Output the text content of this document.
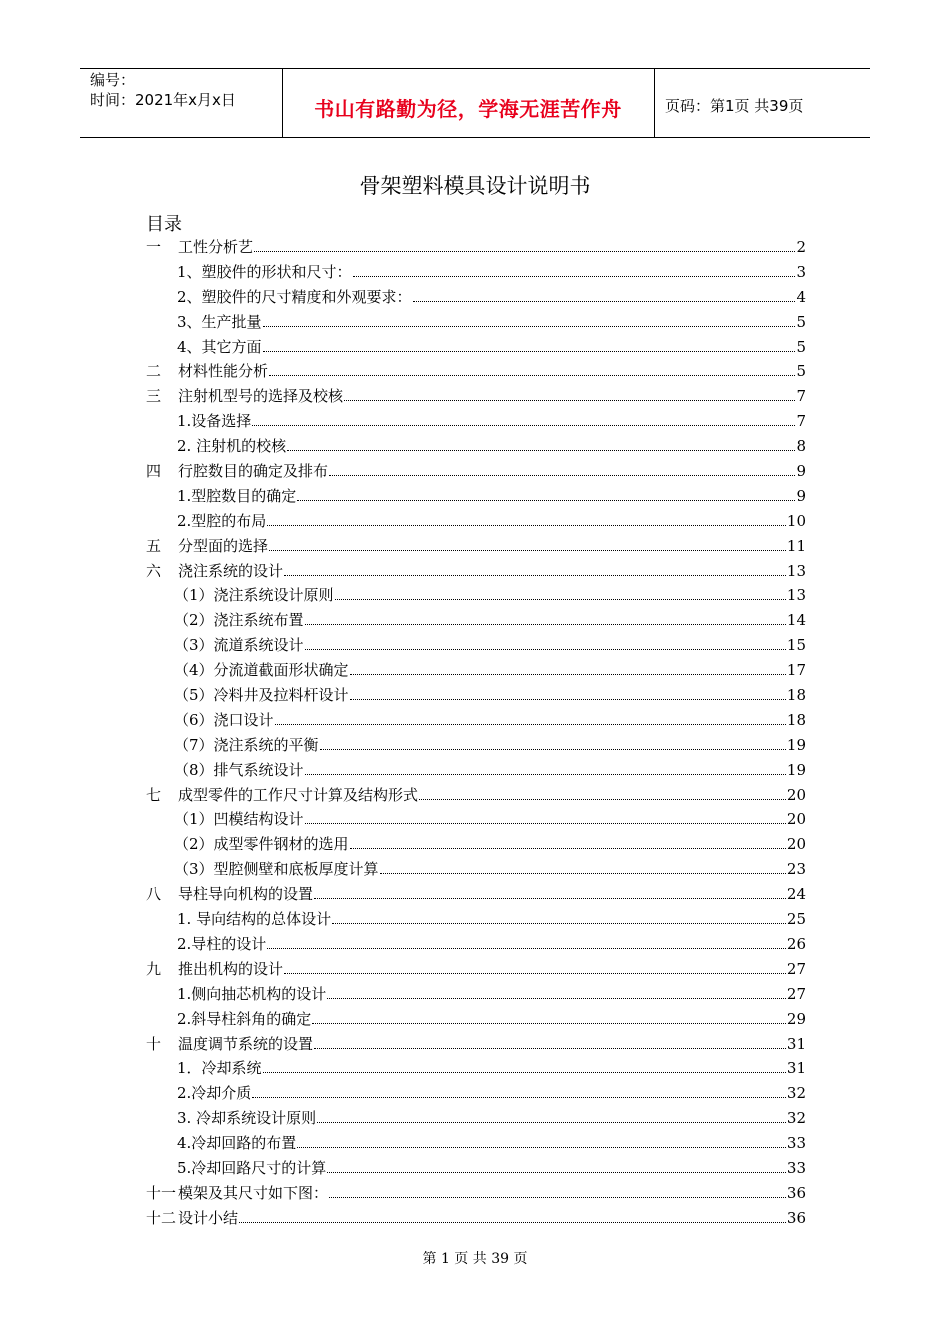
编号：
时间：2021年x月x日	书山有路勤为径，学海无涯苦作舟	页码：第1页 共39页
骨架塑料模具设计说明书
目录
一	工性分析艺	2
1、塑胶件的形状和尺寸：	3
2、塑胶件的尺寸精度和外观要求：	4
3、生产批量	5
4、其它方面	5
二	材料性能分析	5
三	注射机型号的选择及校核	7
1.设备选择	7
2. 注射机的校核	8
四	行腔数目的确定及排布	9
1.型腔数目的确定	9
2.型腔的布局	10
五	分型面的选择	11
六	浇注系统的设计	13
（1）浇注系统设计原则	13
（2）浇注系统布置	14
（3）流道系统设计	15
（4）分流道截面形状确定	17
（5）冷料井及拉料杆设计	18
（6）浇口设计	18
（7）浇注系统的平衡	19
（8）排气系统设计	19
七	成型零件的工作尺寸计算及结构形式	20
（1）凹模结构设计	20
（2）成型零件钢材的选用	20
（3）型腔侧壁和底板厚度计算	23
八	导柱导向机构的设置	24
1. 导向结构的总体设计	25
2.导柱的设计	26
九	推出机构的设计	27
1.侧向抽芯机构的设计	27
2.斜导柱斜角的确定	29
十	温度调节系统的设置	31
1．冷却系统	31
2.冷却介质	32
3. 冷却系统设计原则	32
4.冷却回路的布置	33
5.冷却回路尺寸的计算	33
十一 模架及其尺寸如下图：	36
十二 设计小结	36
第 1 页 共 39 页
